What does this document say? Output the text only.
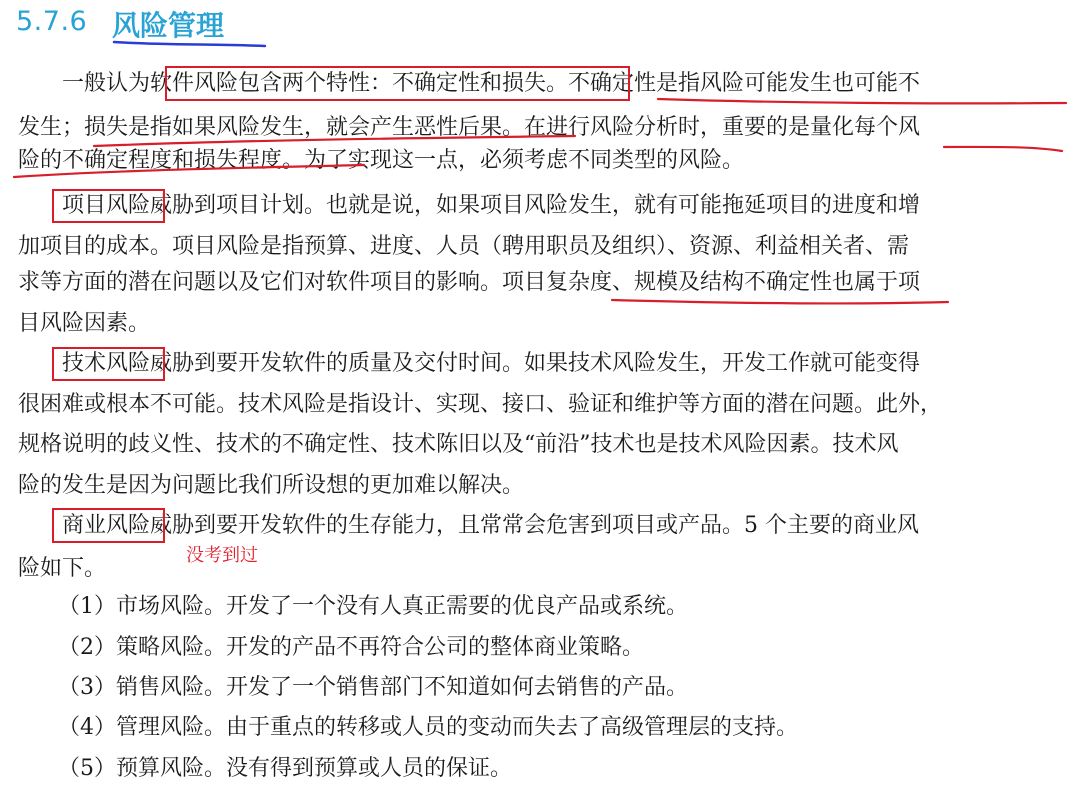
5.7.6 风险管理
　　一般认为软件风险包含两个特性：不确定性和损失。不确定性是指风险可能发生也可能不
发生；损失是指如果风险发生，就会产生恶性后果。在进行风险分析时，重要的是量化每个风
险的不确定程度和损失程度。为了实现这一点，必须考虑不同类型的风险。
　　项目风险威胁到项目计划。也就是说，如果项目风险发生，就有可能拖延项目的进度和增
加项目的成本。项目风险是指预算、进度、人员（聘用职员及组织）、资源、利益相关者、需
求等方面的潜在问题以及它们对软件项目的影响。项目复杂度、规模及结构不确定性也属于项
目风险因素。
　　技术风险威胁到要开发软件的质量及交付时间。如果技术风险发生，开发工作就可能变得
很困难或根本不可能。技术风险是指设计、实现、接口、验证和维护等方面的潜在问题。此外，
规格说明的歧义性、技术的不确定性、技术陈旧以及“前沿”技术也是技术风险因素。技术风
险的发生是因为问题比我们所设想的更加难以解决。
　　商业风险威胁到要开发软件的生存能力，且常常会危害到项目或产品。5 个主要的商业风
险如下。
没考到过
（1）市场风险。开发了一个没有人真正需要的优良产品或系统。
（2）策略风险。开发的产品不再符合公司的整体商业策略。
（3）销售风险。开发了一个销售部门不知道如何去销售的产品。
（4）管理风险。由于重点的转移或人员的变动而失去了高级管理层的支持。
（5）预算风险。没有得到预算或人员的保证。
